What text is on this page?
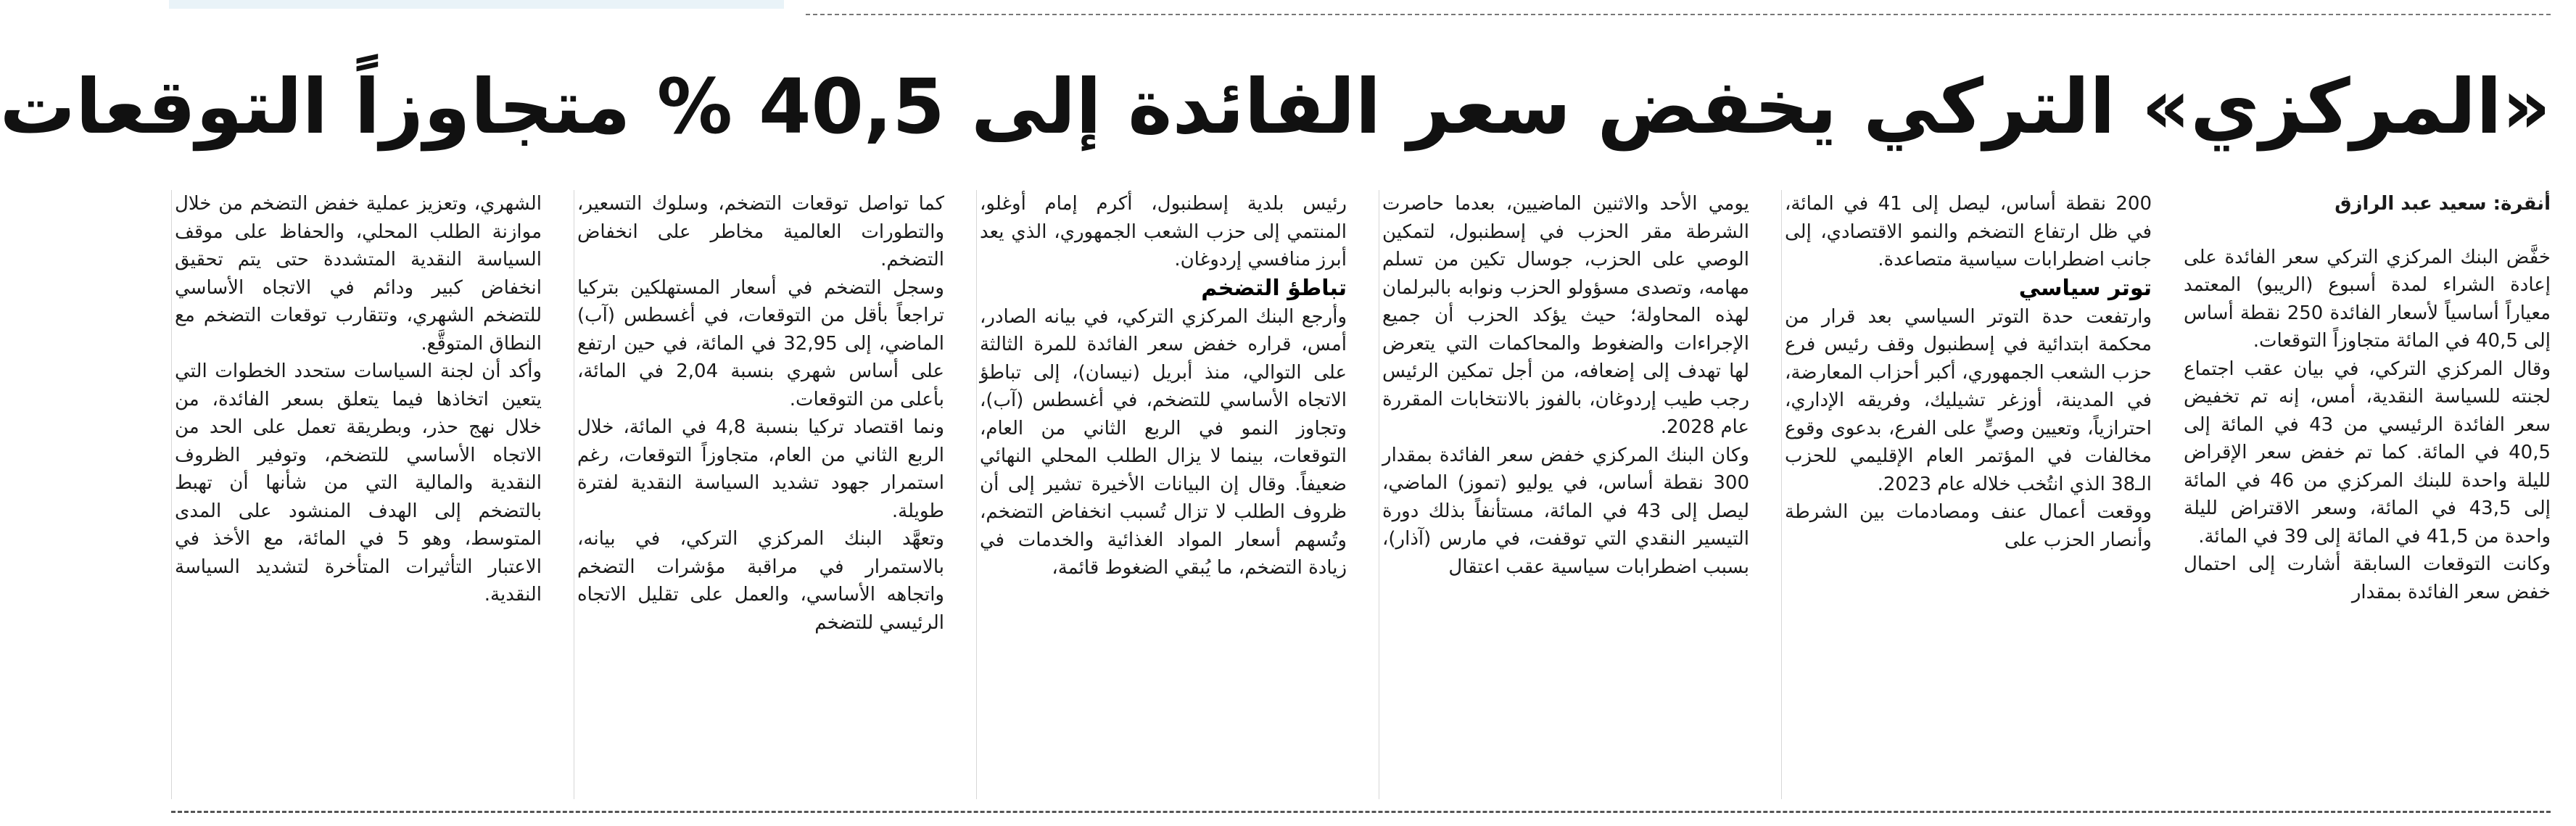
«المركزي» التركي يخفض سعر الفائدة إلى 40,5 % متجاوزاً التوقعات
أنقرة: سعيد عبد الرازق

خفَّض البنك المركزي التركي سعر الفائدة على إعادة الشراء لمدة أسبوع (الريبو) المعتمد معياراً أساسياً لأسعار الفائدة 250 نقطة أساس إلى 40,5 في المائة متجاوزاً التوقعات.

وقال المركزي التركي، في بيان عقب اجتماع لجنته للسياسة النقدية، أمس، إنه تم تخفيض سعر الفائدة الرئيسي من 43 في المائة إلى 40,5 في المائة. كما تم خفض سعر الإقراض لليلة واحدة للبنك المركزي من 46 في المائة إلى 43,5 في المائة، وسعر الاقتراض لليلة واحدة من 41,5 في المائة إلى 39 في المائة.

وكانت التوقعات السابقة أشارت إلى احتمال خفض سعر الفائدة بمقدار

200 نقطة أساس، ليصل إلى 41 في المائة، في ظل ارتفاع التضخم والنمو الاقتصادي، إلى جانب اضطرابات سياسية متصاعدة.

توتر سياسي

وارتفعت حدة التوتر السياسي بعد قرار من محكمة ابتدائية في إسطنبول وقف رئيس فرع حزب الشعب الجمهوري، أكبر أحزاب المعارضة، في المدينة، أوزغر تشيليك، وفريقه الإداري، احترازياً، وتعيين وصيٍّ على الفرع، بدعوى وقوع مخالفات في المؤتمر العام الإقليمي للحزب الـ38 الذي انتُخب خلاله عام 2023.

ووقعت أعمال عنف ومصادمات بين الشرطة وأنصار الحزب على

يومي الأحد والاثنين الماضيين، بعدما حاصرت الشرطة مقر الحزب في إسطنبول، لتمكين الوصي على الحزب، جوسال تكين من تسلم مهامه، وتصدى مسؤولو الحزب ونوابه بالبرلمان لهذه المحاولة؛ حيث يؤكد الحزب أن جميع الإجراءات والضغوط والمحاكمات التي يتعرض لها تهدف إلى إضعافه، من أجل تمكين الرئيس رجب طيب إردوغان، بالفوز بالانتخابات المقررة عام 2028.

وكان البنك المركزي خفض سعر الفائدة بمقدار 300 نقطة أساس، في يوليو (تموز) الماضي، ليصل إلى 43 في المائة، مستأنفاً بذلك دورة التيسير النقدي التي توقفت، في مارس (آذار)، بسبب اضطرابات سياسية عقب اعتقال

رئيس بلدية إسطنبول، أكرم إمام أوغلو، المنتمي إلى حزب الشعب الجمهوري، الذي يعد أبرز منافسي إردوغان.

تباطؤ التضخم

وأرجع البنك المركزي التركي، في بيانه الصادر، أمس، قراره خفض سعر الفائدة للمرة الثالثة على التوالي، منذ أبريل (نيسان)، إلى تباطؤ الاتجاه الأساسي للتضخم، في أغسطس (آب)، وتجاوز النمو في الربع الثاني من العام، التوقعات، بينما لا يزال الطلب المحلي النهائي ضعيفاً. وقال إن البيانات الأخيرة تشير إلى أن ظروف الطلب لا تزال تُسبب انخفاض التضخم، وتُسهم أسعار المواد الغذائية والخدمات في زيادة التضخم، ما يُبقي الضغوط قائمة،

كما تواصل توقعات التضخم، وسلوك التسعير، والتطورات العالمية مخاطر على انخفاض التضخم.

وسجل التضخم في أسعار المستهلكين بتركيا تراجعاً بأقل من التوقعات، في أغسطس (آب) الماضي، إلى 32,95 في المائة، في حين ارتفع على أساس شهري بنسبة 2,04 في المائة، بأعلى من التوقعات.

ونما اقتصاد تركيا بنسبة 4,8 في المائة، خلال الربع الثاني من العام، متجاوزاً التوقعات، رغم استمرار جهود تشديد السياسة النقدية لفترة طويلة.

وتعهَّد البنك المركزي التركي، في بيانه، بالاستمرار في مراقبة مؤشرات التضخم واتجاهه الأساسي، والعمل على تقليل الاتجاه الرئيسي للتضخم

الشهري، وتعزيز عملية خفض التضخم من خلال موازنة الطلب المحلي، والحفاظ على موقف السياسة النقدية المتشددة حتى يتم تحقيق انخفاض كبير ودائم في الاتجاه الأساسي للتضخم الشهري، وتتقارب توقعات التضخم مع النطاق المتوقَّع.

وأكد أن لجنة السياسات ستحدد الخطوات التي يتعين اتخاذها فيما يتعلق بسعر الفائدة، من خلال نهج حذر، وبطريقة تعمل على الحد من الاتجاه الأساسي للتضخم، وتوفير الظروف النقدية والمالية التي من شأنها أن تهبط بالتضخم إلى الهدف المنشود على المدى المتوسط، وهو 5 في المائة، مع الأخذ في الاعتبار التأثيرات المتأخرة لتشديد السياسة النقدية.
